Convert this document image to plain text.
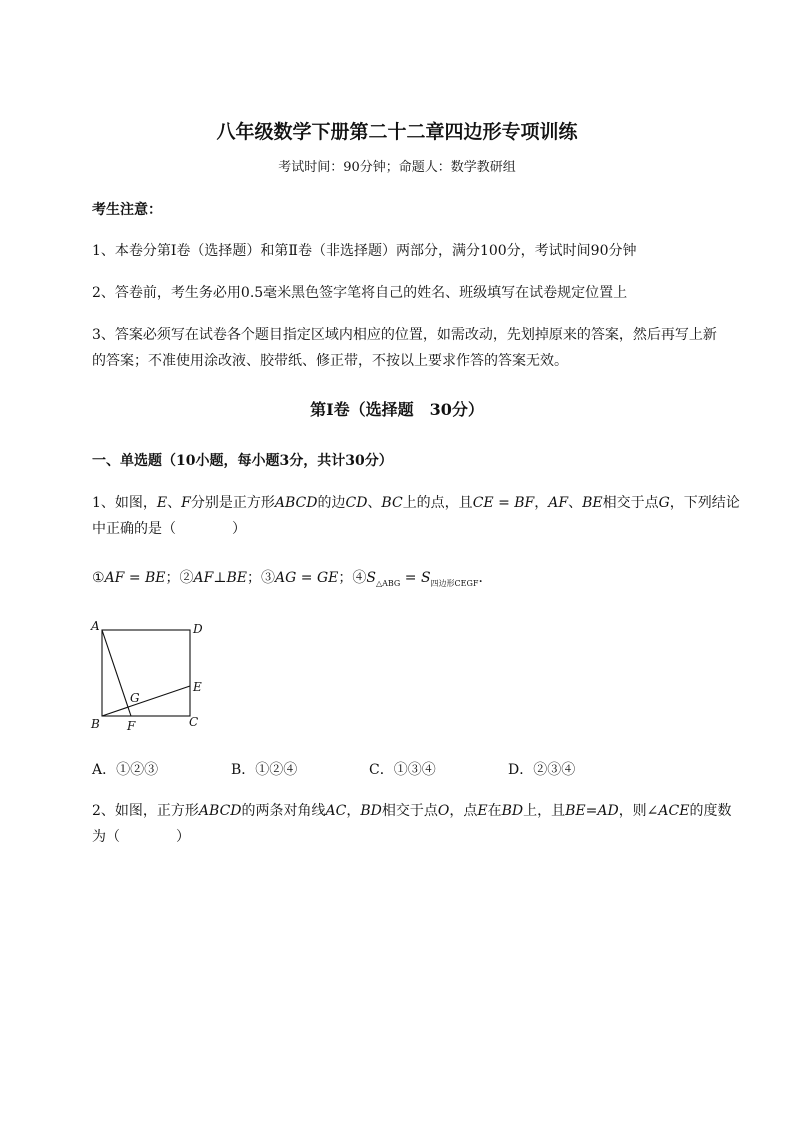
八年级数学下册第二十二章四边形专项训练
考试时间：90分钟；命题人：数学教研组
考生注意：
1、本卷分第I卷（选择题）和第Ⅱ卷（非选择题）两部分，满分100分，考试时间90分钟
2、答卷前，考生务必用0.5毫米黑色签字笔将自己的姓名、班级填写在试卷规定位置上
3、答案必须写在试卷各个题目指定区域内相应的位置，如需改动，先划掉原来的答案，然后再写上新
的答案；不准使用涂改液、胶带纸、修正带，不按以上要求作答的答案无效。
第I卷（选择题　30分）
一、单选题（10小题，每小题3分，共计30分）
1、如图，E、F分别是正方形ABCD的边CD、BC上的点，且CE = BF，AF、BE相交于点G，下列结论
中正确的是（　　　　）
①AF = BE；②AF⊥BE；③AG = GE；$④S_{\triangle ABG} = S_{四边形CEGF}$．
A	D
E
G
B F	C
A．①②③	B．①②④	C．①③④	D．②③④
2、如图，正方形ABCD的两条对角线AC，BD相交于点O，点E在BD上，且BE=AD，则∠ACE的度数
为（　　　　）
